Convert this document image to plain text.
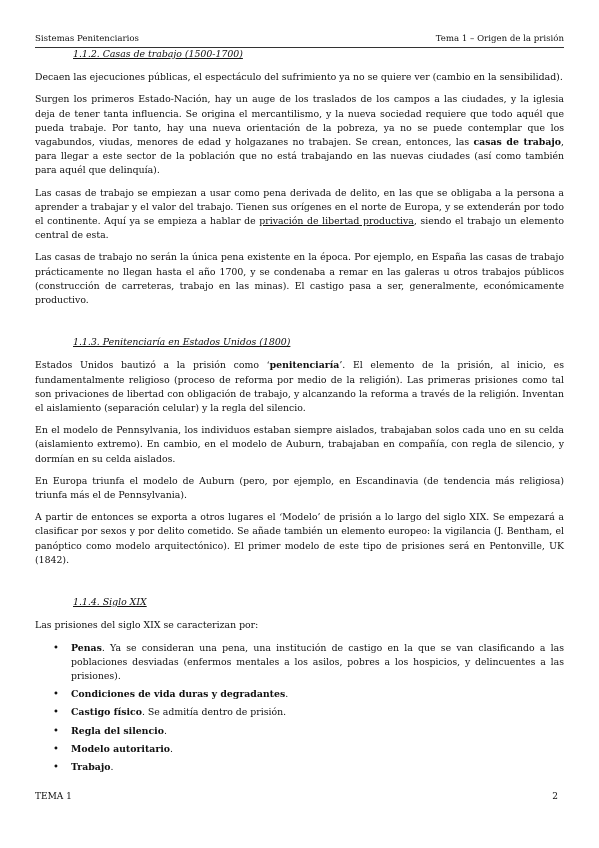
Sistemas Penitenciarios	Tema 1 – Origen de la prisión
1.1.2. Casas de trabajo (1500-1700)

Decaen las ejecuciones públicas, el espectáculo del sufrimiento ya no se quiere ver (cambio en la sensibilidad).

Surgen los primeros Estado-Nación, hay un auge de los traslados de los campos a las ciudades, y la iglesia deja de tener tanta influencia. Se origina el mercantilismo, y la nueva sociedad requiere que todo aquél que pueda trabaje. Por tanto, hay una nueva orientación de la pobreza, ya no se puede contemplar que los vagabundos, viudas, menores de edad y holgazanes no trabajen. Se crean, entonces, las casas de trabajo, para llegar a este sector de la población que no está trabajando en las nuevas ciudades (así como también para aquél que delinquía).

Las casas de trabajo se empiezan a usar como pena derivada de delito, en las que se obligaba a la persona a aprender a trabajar y el valor del trabajo. Tienen sus orígenes en el norte de Europa, y se extenderán por todo el continente. Aquí ya se empieza a hablar de privación de libertad productiva, siendo el trabajo un elemento central de esta.

Las casas de trabajo no serán la única pena existente en la época. Por ejemplo, en España las casas de trabajo prácticamente no llegan hasta el año 1700, y se condenaba a remar en las galeras u otros trabajos públicos (construcción de carreteras, trabajo en las minas). El castigo pasa a ser, generalmente, económicamente productivo.

1.1.3. Penitenciaría en Estados Unidos (1800)

Estados Unidos bautizó a la prisión como ‘penitenciaría’. El elemento de la prisión, al inicio, es fundamentalmente religioso (proceso de reforma por medio de la religión). Las primeras prisiones como tal son privaciones de libertad con obligación de trabajo, y alcanzando la reforma a través de la religión. Inventan el aislamiento (separación celular) y la regla del silencio.

En el modelo de Pennsylvania, los individuos estaban siempre aislados, trabajaban solos cada uno en su celda (aislamiento extremo). En cambio, en el modelo de Auburn, trabajaban en compañía, con regla de silencio, y dormían en su celda aislados.

En Europa triunfa el modelo de Auburn (pero, por ejemplo, en Escandinavia (de tendencia más religiosa) triunfa más el de Pennsylvania).

A partir de entonces se exporta a otros lugares el ‘Modelo’ de prisión a lo largo del siglo XIX. Se empezará a clasificar por sexos y por delito cometido. Se añade también un elemento europeo: la vigilancia (J. Bentham, el panóptico como modelo arquitectónico). El primer modelo de este tipo de prisiones será en Pentonville, UK (1842).

1.1.4. Siglo XIX

Las prisiones del siglo XIX se caracterizan por:

• Penas. Ya se consideran una pena, una institución de castigo en la que se van clasificando a las poblaciones desviadas (enfermos mentales a los asilos, pobres a los hospicios, y delincuentes a las prisiones).
• Condiciones de vida duras y degradantes.
• Castigo físico. Se admitía dentro de prisión.
• Regla del silencio.
• Modelo autoritario.
• Trabajo.
TEMA 1	2
